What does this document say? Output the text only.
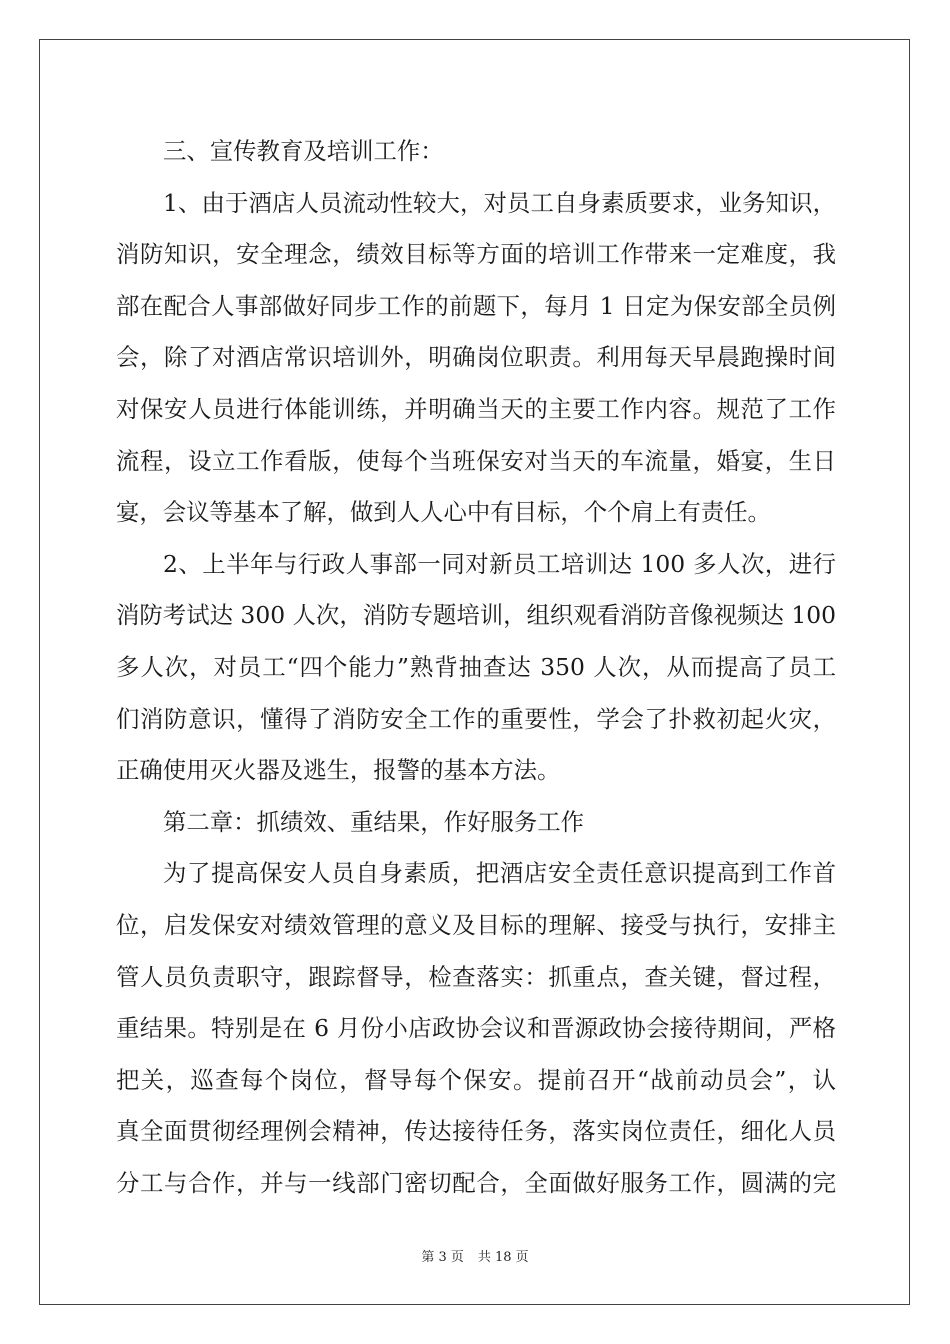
三、宣传教育及培训工作：
1、由于酒店人员流动性较大，对员工自身素质要求，业务知识，
消防知识，安全理念，绩效目标等方面的培训工作带来一定难度，我
部在配合人事部做好同步工作的前题下，每月 1 日定为保安部全员例
会，除了对酒店常识培训外，明确岗位职责。利用每天早晨跑操时间
对保安人员进行体能训练，并明确当天的主要工作内容。规范了工作
流程，设立工作看版，使每个当班保安对当天的车流量，婚宴，生日
宴，会议等基本了解，做到人人心中有目标，个个肩上有责任。
2、上半年与行政人事部一同对新员工培训达 100 多人次，进行
消防考试达 300 人次，消防专题培训，组织观看消防音像视频达 100
多人次，对员工“四个能力”熟背抽查达 350 人次，从而提高了员工
们消防意识，懂得了消防安全工作的重要性，学会了扑救初起火灾，
正确使用灭火器及逃生，报警的基本方法。
第二章：抓绩效、重结果，作好服务工作
为了提高保安人员自身素质，把酒店安全责任意识提高到工作首
位，启发保安对绩效管理的意义及目标的理解、接受与执行，安排主
管人员负责职守，跟踪督导，检查落实：抓重点，查关键，督过程，
重结果。特别是在 6 月份小店政协会议和晋源政协会接待期间，严格
把关，巡查每个岗位，督导每个保安。提前召开“战前动员会”，认
真全面贯彻经理例会精神，传达接待任务，落实岗位责任，细化人员
分工与合作，并与一线部门密切配合，全面做好服务工作，圆满的完
第 3 页 共 18 页
